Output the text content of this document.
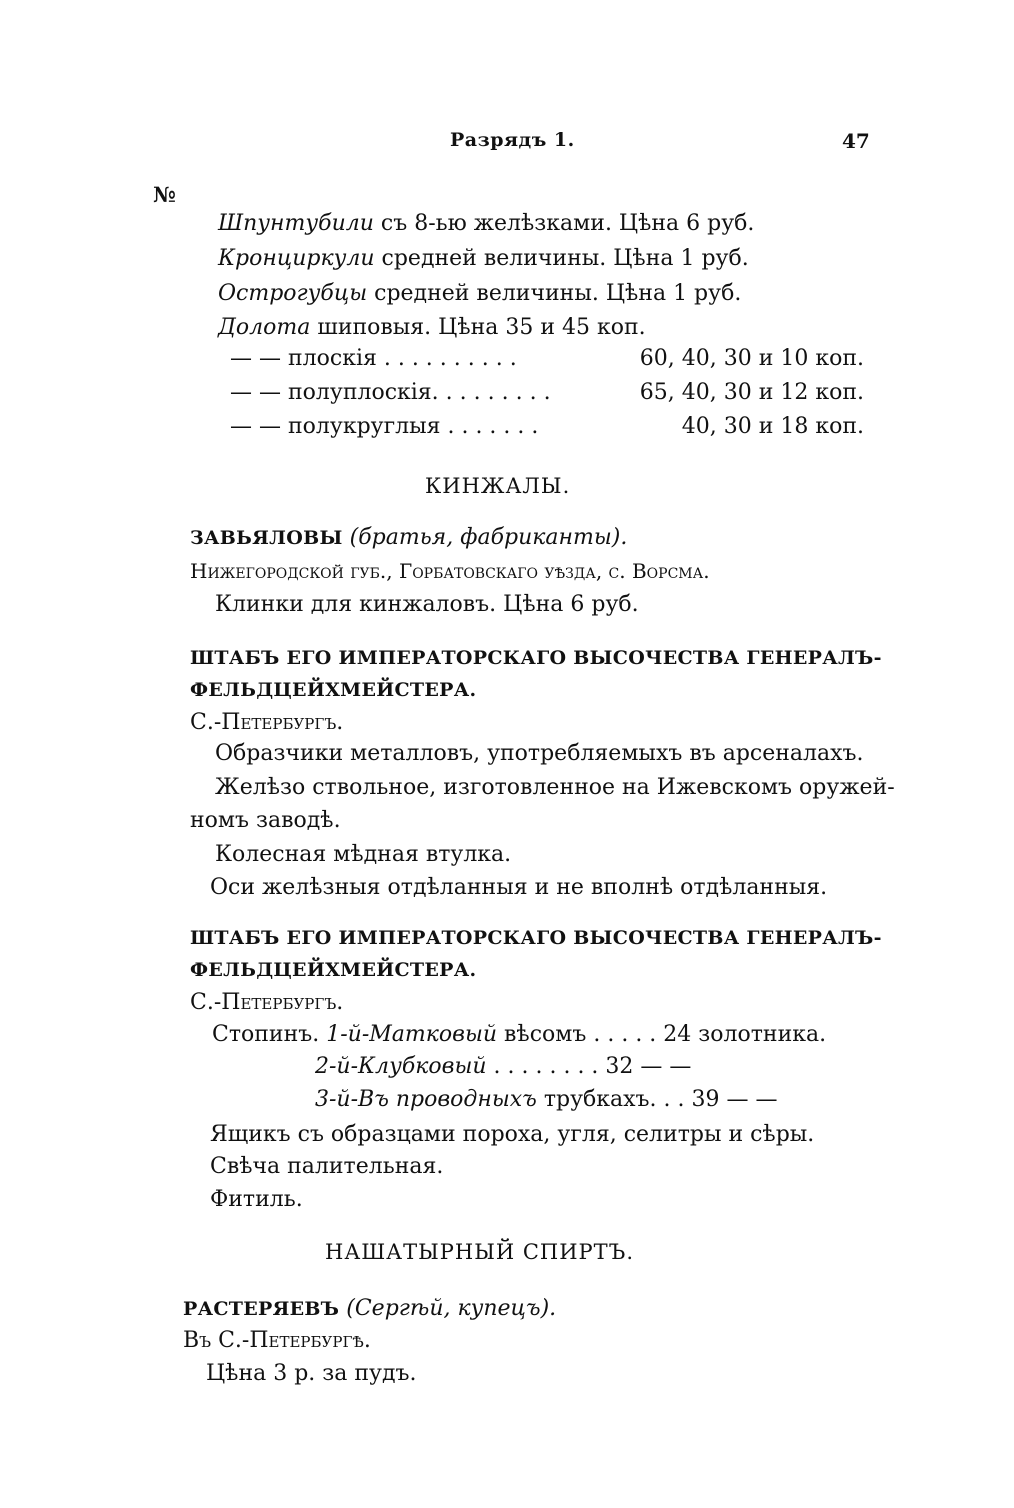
Разрядъ 1.	47
№
Шпунтубили съ 8-ью желѣзками. Цѣна 6 руб.
Кронциркули средней величины. Цѣна 1 руб.
Острогубцы средней величины. Цѣна 1 руб.
Долота шиповыя. Цѣна 35 и 45 коп.
— — плоскія . . . . . . . . . .	60, 40, 30 и 10 коп.
— — полуплоскія. . . . . . . . .	65, 40, 30 и 12 коп.
— — полукруглыя . . . . . . .	40, 30 и 18 коп.
КИНЖАЛЫ.
ЗАВЬЯЛОВЫ (братья, фабриканты).
Нижегородской губ., Горбатовскаго уѣзда, с. Ворсма.
Клинки для кинжаловъ. Цѣна 6 руб.
ШТАБЪ ЕГО ИМПЕРАТОРСКАГО ВЫСОЧЕСТВА ГЕНЕРАЛЪ-
ФЕЛЬДЦЕЙХМЕЙСТЕРА.
С.-Петербургъ.
Образчики металловъ, употребляемыхъ въ арсеналахъ.
Желѣзо ствольное, изготовленное на Ижевскомъ оружей-
номъ заводѣ.
Колесная мѣдная втулка.
Оси желѣзныя отдѣланныя и не вполнѣ отдѣланныя.
ШТАБЪ ЕГО ИМПЕРАТОРСКАГО ВЫСОЧЕСТВА ГЕНЕРАЛЪ-
ФЕЛЬДЦЕЙХМЕЙСТЕРА.
С.-Петербургъ.
Стопинъ. 1-й-Матковый вѣсомъ . . . . . 24 золотника.
2-й-Клубковый . . . . . . . . 32 — —
3-й-Въ проводныхъ трубкахъ. . . 39 — —
Ящикъ съ образцами пороха, угля, селитры и сѣры.
Свѣча палительная.
Фитиль.
НАШАТЫРНЫЙ СПИРТЪ.
РАСТЕРЯЕВЪ (Сергѣй, купецъ).
Въ С.-Петербургѣ.
Цѣна 3 р. за пудъ.
